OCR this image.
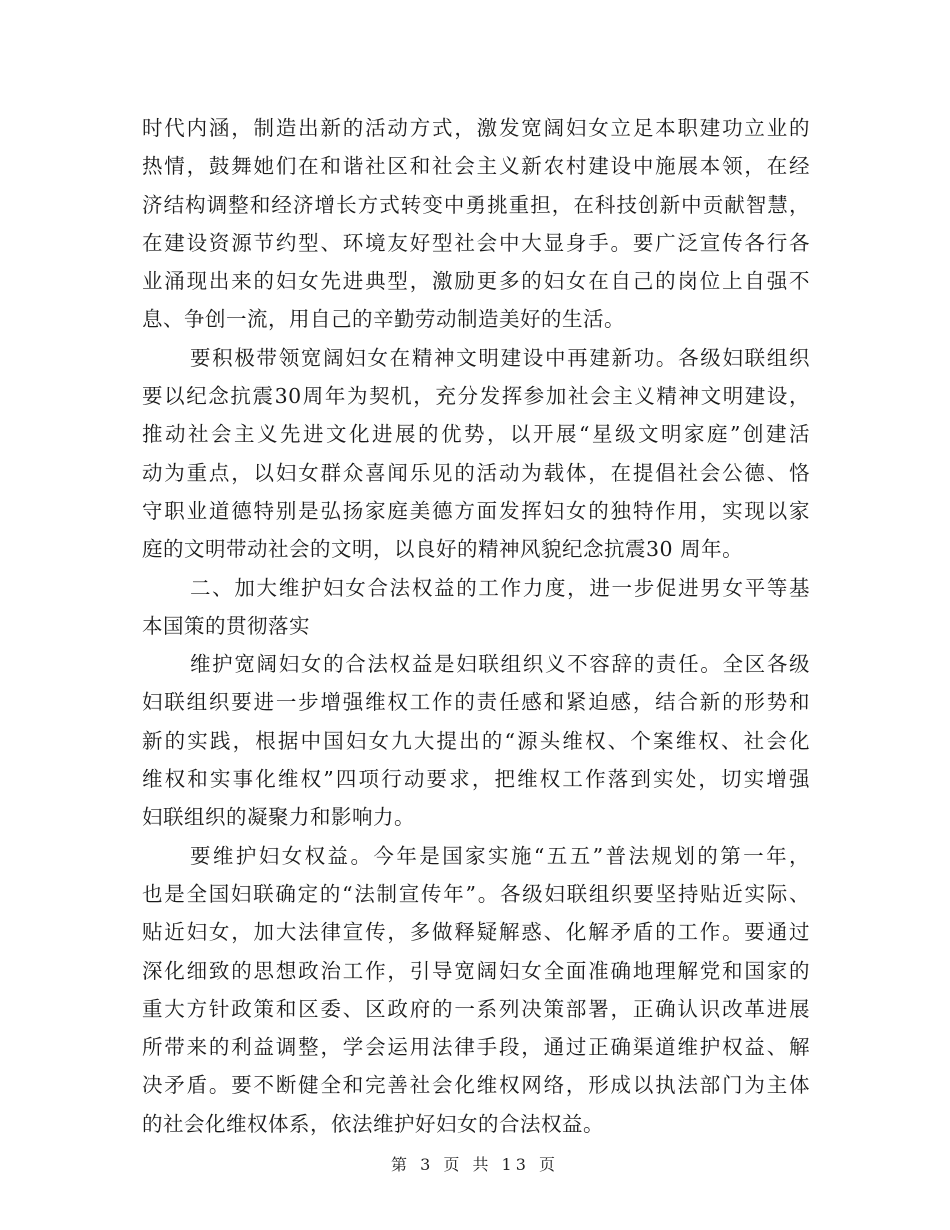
时代内涵，制造出新的活动方式，激发宽阔妇女立足本职建功立业的
热情，鼓舞她们在和谐社区和社会主义新农村建设中施展本领，在经
济结构调整和经济增长方式转变中勇挑重担，在科技创新中贡献智慧，
在建设资源节约型、环境友好型社会中大显身手。要广泛宣传各行各
业涌现出来的妇女先进典型，激励更多的妇女在自己的岗位上自强不
息、争创一流，用自己的辛勤劳动制造美好的生活。
要积极带领宽阔妇女在精神文明建设中再建新功。各级妇联组织
要以纪念抗震30周年为契机，充分发挥参加社会主义精神文明建设，
推动社会主义先进文化进展的优势，以开展“星级文明家庭”创建活
动为重点，以妇女群众喜闻乐见的活动为载体，在提倡社会公德、恪
守职业道德特别是弘扬家庭美德方面发挥妇女的独特作用，实现以家
庭的文明带动社会的文明，以良好的精神风貌纪念抗震30 周年。
二、加大维护妇女合法权益的工作力度，进一步促进男女平等基
本国策的贯彻落实
维护宽阔妇女的合法权益是妇联组织义不容辞的责任。全区各级
妇联组织要进一步增强维权工作的责任感和紧迫感，结合新的形势和
新的实践，根据中国妇女九大提出的“源头维权、个案维权、社会化
维权和实事化维权”四项行动要求，把维权工作落到实处，切实增强
妇联组织的凝聚力和影响力。
要维护妇女权益。今年是国家实施“五五”普法规划的第一年，
也是全国妇联确定的“法制宣传年”。各级妇联组织要坚持贴近实际、
贴近妇女，加大法律宣传，多做释疑解惑、化解矛盾的工作。要通过
深化细致的思想政治工作，引导宽阔妇女全面准确地理解党和国家的
重大方针政策和区委、区政府的一系列决策部署，正确认识改革进展
所带来的利益调整，学会运用法律手段，通过正确渠道维护权益、解
决矛盾。要不断健全和完善社会化维权网络，形成以执法部门为主体
的社会化维权体系，依法维护好妇女的合法权益。
第 3 页 共 13 页
